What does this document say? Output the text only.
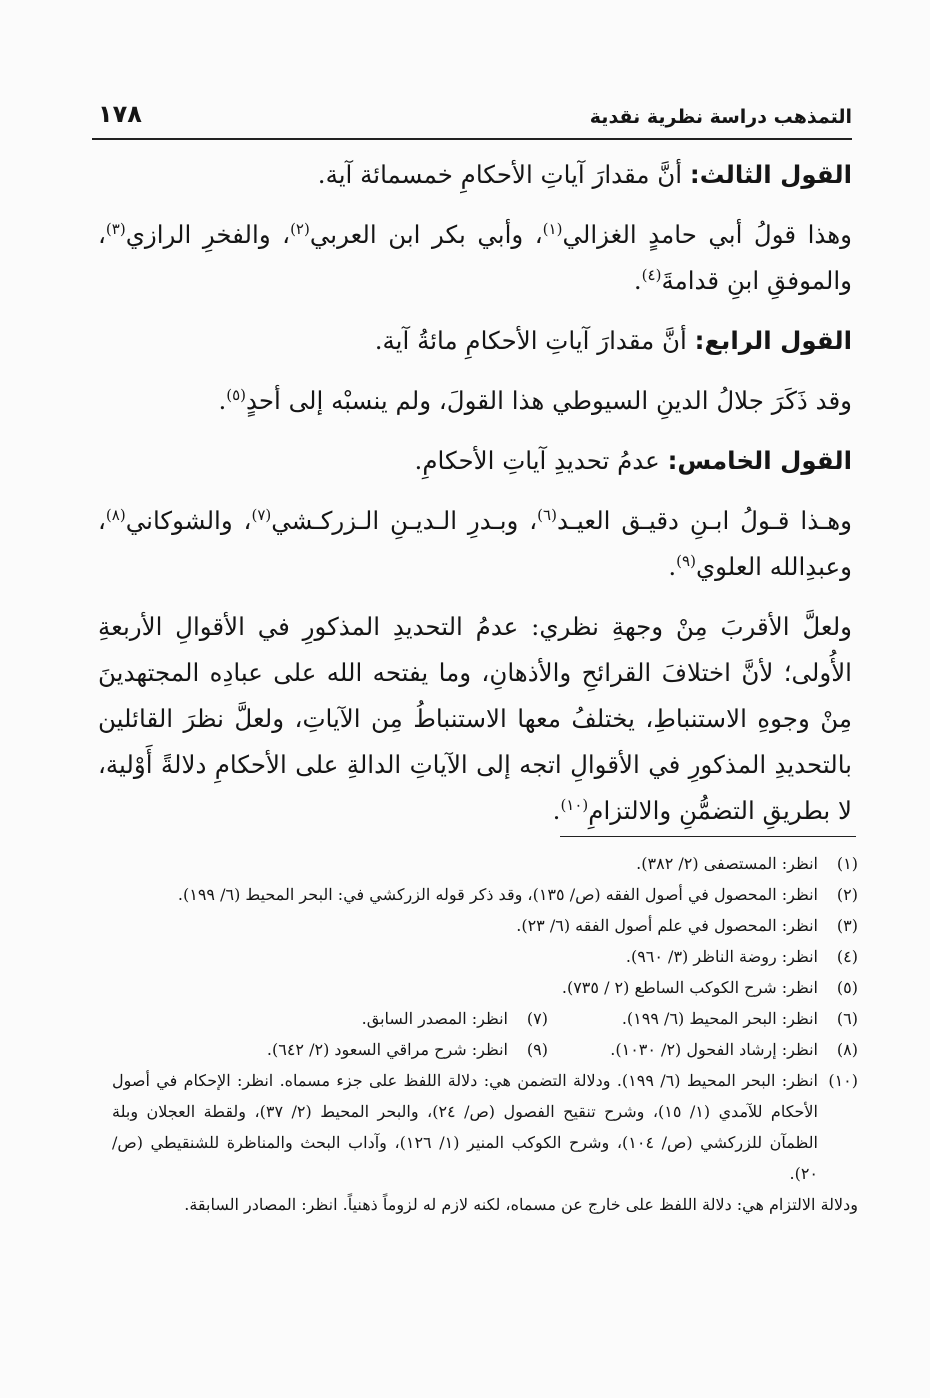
التمذهب دراسة نظرية نقدية
١٧٨

القول الثالث: أنَّ مقدارَ آياتِ الأحكامِ خمسمائة آية.

وهذا قولُ أبي حامدٍ الغزالي$^{(١)}$، وأبي بكر ابن العربي$^{(٢)}$، والفخرِ الرازي$^{(٣)}$، والموفقِ ابنِ قدامةَ$^{(٤)}$.

القول الرابع: أنَّ مقدارَ آياتِ الأحكامِ مائةُ آية.

وقد ذَكَرَ جلالُ الدينِ السيوطي هذا القولَ، ولم ينسبْه إلى أحدٍ$^{(٥)}$.

القول الخامس: عدمُ تحديدِ آياتِ الأحكامِ.

وهـذا قـولُ ابـنِ دقيـق العيـد$^{(٦)}$، وبـدرِ الـديـنِ الـزركـشي$^{(٧)}$، والشوكاني$^{(٨)}$، وعبدِالله العلوي$^{(٩)}$.

ولعلَّ الأقربَ مِنْ وجهةِ نظري: عدمُ التحديدِ المذكورِ في الأقوالِ الأربعةِ الأُولى؛ لأنَّ اختلافَ القرائحِ والأذهانِ، وما يفتحه الله على عبادِه المجتهدينَ مِنْ وجوهِ الاستنباطِ، يختلفُ معها الاستنباطُ مِن الآياتِ، ولعلَّ نظرَ القائلين بالتحديدِ المذكورِ في الأقوالِ اتجه إلى الآياتِ الدالةِ على الأحكامِ دلالةً أَوْلية، لا بطريقِ التضمُّنِ والالتزامِ$^{(١٠)}$.

(١)
انظر: المستصفى (٢/ ٣٨٢).
(٢)
انظر: المحصول في أصول الفقه (ص/ ١٣٥)، وقد ذكر قوله الزركشي في: البحر المحيط (٦/ ١٩٩).
(٣)
انظر: المحصول في علم أصول الفقه (٦/ ٢٣).
(٤)
انظر: روضة الناظر (٣/ ٩٦٠).
(٥)
انظر: شرح الكوكب الساطع (٢ / ٧٣٥).
(٦)
انظر: البحر المحيط (٦/ ١٩٩).
(٧)
انظر: المصدر السابق.
(٨)
انظر: إرشاد الفحول (٢/ ١٠٣٠).
(٩)
انظر: شرح مراقي السعود (٢/ ٦٤٢).
(١٠)
انظر: البحر المحيط (٦/ ١٩٩). ودلالة التضمن هي: دلالة اللفظ على جزء مسماه. انظر: الإحكام في أصول الأحكام للآمدي (١/ ١٥)، وشرح تنقيح الفصول (ص/ ٢٤)، والبحر المحيط (٢/ ٣٧)، ولقطة العجلان وبلة الظمآن للزركشي (ص/ ١٠٤)، وشرح الكوكب المنير (١/ ١٢٦)، وآداب البحث والمناظرة للشنقيطي (ص/ ٢٠).

ودلالة الالتزام هي: دلالة اللفظ على خارج عن مسماه، لكنه لازم له لزوماً ذهنياً. انظر: المصادر السابقة.
